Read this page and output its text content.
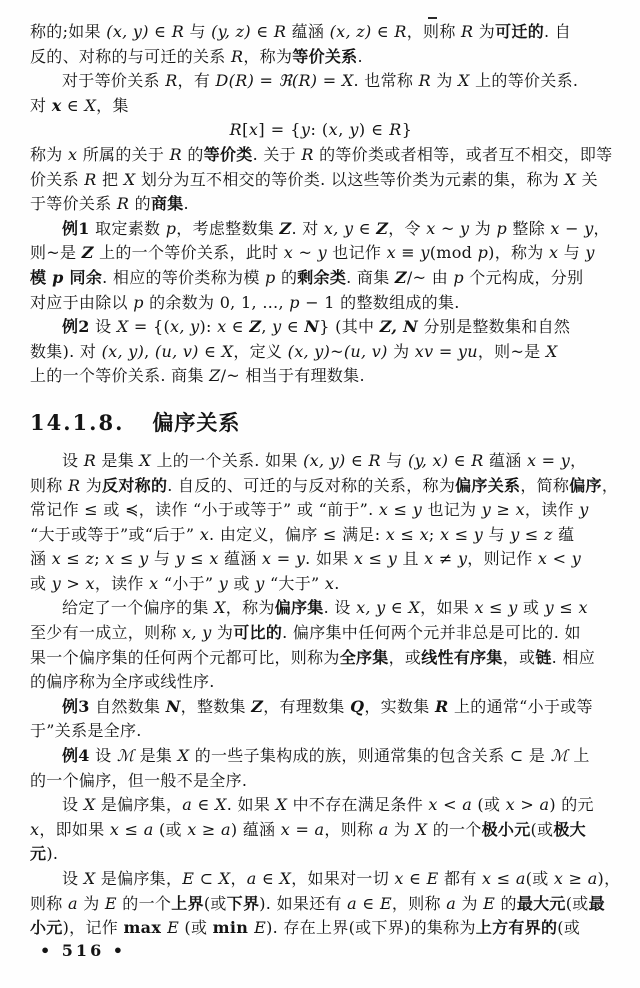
称的;如果 (x, y) ∈ R 与 (y, z) ∈ R 蕴涵 (x, z) ∈ R，则称 R 为可迁的. 自
反的、对称的与可迁的关系 R，称为等价关系.
对于等价关系 R，有 D(R) = ℜ(R) = X. 也常称 R 为 X 上的等价关系.
对 x ∈ X，集
R[x] = {y: (x, y) ∈ R}
称为 x 所属的关于 R 的等价类. 关于 R 的等价类或者相等，或者互不相交，即等
价关系 R 把 X 划分为互不相交的等价类. 以这些等价类为元素的集，称为 X 关
于等价关系 R 的商集.
例1 取定素数 p，考虑整数集 Z. 对 x, y ∈ Z，令 x ~ y 为 p 整除 x − y，
则~是 Z 上的一个等价关系，此时 x ~ y 也记作 x ≡ y(mod p)，称为 x 与 y
模 p 同余. 相应的等价类称为模 p 的剩余类. 商集 Z/~ 由 p 个元构成，分别
对应于由除以 p 的余数为 0, 1, …, p − 1 的整数组成的集.
例2 设 X = {(x, y): x ∈ Z, y ∈ N} (其中 Z, N 分别是整数集和自然
数集). 对 (x, y), (u, v) ∈ X，定义 (x, y)~(u, v) 为 xv = yu，则~是 X
上的一个等价关系. 商集 Z/~ 相当于有理数集.
14.1.8. 偏序关系
设 R 是集 X 上的一个关系. 如果 (x, y) ∈ R 与 (y, x) ∈ R 蕴涵 x = y，
则称 R 为反对称的. 自反的、可迁的与反对称的关系，称为偏序关系，简称偏序，
常记作 ≤ 或 ≼，读作 “小于或等于” 或 “前于”. x ≤ y 也记为 y ≥ x，读作 y
“大于或等于”或“后于” x. 由定义，偏序 ≤ 满足: x ≤ x; x ≤ y 与 y ≤ z 蕴
涵 x ≤ z; x ≤ y 与 y ≤ x 蕴涵 x = y. 如果 x ≤ y 且 x ≠ y，则记作 x < y
或 y > x，读作 x “小于” y 或 y “大于” x.
给定了一个偏序的集 X，称为偏序集. 设 x, y ∈ X，如果 x ≤ y 或 y ≤ x
至少有一成立，则称 x, y 为可比的. 偏序集中任何两个元并非总是可比的. 如
果一个偏序集的任何两个元都可比，则称为全序集，或线性有序集，或链. 相应
的偏序称为全序或线性序.
例3 自然数集 N，整数集 Z，有理数集 Q，实数集 R 上的通常“小于或等
于”关系是全序.
例4 设 ℳ 是集 X 的一些子集构成的族，则通常集的包含关系 ⊂ 是 ℳ 上
的一个偏序，但一般不是全序.
设 X 是偏序集，a ∈ X. 如果 X 中不存在满足条件 x < a (或 x > a) 的元
x，即如果 x ≤ a (或 x ≥ a) 蕴涵 x = a，则称 a 为 X 的一个极小元(或极大
元).
设 X 是偏序集，E ⊂ X，a ∈ X，如果对一切 x ∈ E 都有 x ≤ a(或 x ≥ a)，
则称 a 为 E 的一个上界(或下界). 如果还有 a ∈ E，则称 a 为 E 的最大元(或最
小元)，记作 max E (或 min E). 存在上界(或下界)的集称为上方有界的(或
• 516 •
